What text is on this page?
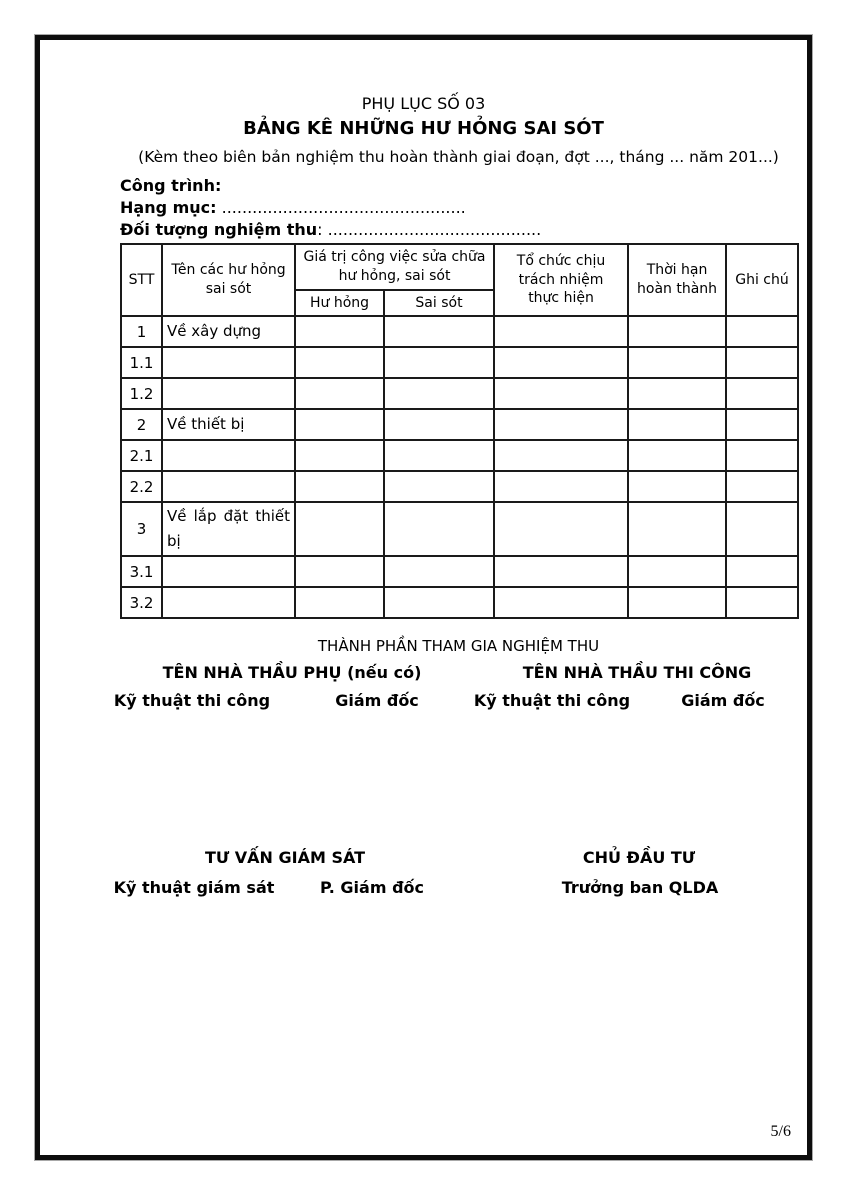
PHỤ LỤC SỐ 03
BẢNG KÊ NHỮNG HƯ HỎNG SAI SÓT
(Kèm theo biên bản nghiệm thu hoàn thành giai đoạn, đợt ..., tháng ... năm 201...)
Công trình:
Hạng mục: ................................................
Đối tượng nghiệm thu: ..........................................
STT	Tên các hư hỏng sai sót	Giá trị công việc sửa chữa hư hỏng, sai sót		Tổ chức chịu trách nhiệm thực hiện	Thời hạn hoàn thành	Ghi chú
		Hư hỏng	Sai sót			
1	Về xây dựng					
1.1						
1.2						
2	Về thiết bị					
2.1						
2.2						
3	Về lắp đặt thiết bị					
3.1						
3.2						
THÀNH PHẦN THAM GIA NGHIỆM THU
TÊN NHÀ THẦU PHỤ (nếu có)	TÊN NHÀ THẦU THI CÔNG
Kỹ thuật thi công	Giám đốc	Kỹ thuật thi công	Giám đốc
TƯ VẤN GIÁM SÁT	CHỦ ĐẦU TƯ
Kỹ thuật giám sát	P. Giám đốc	Trưởng ban QLDA
5/6
